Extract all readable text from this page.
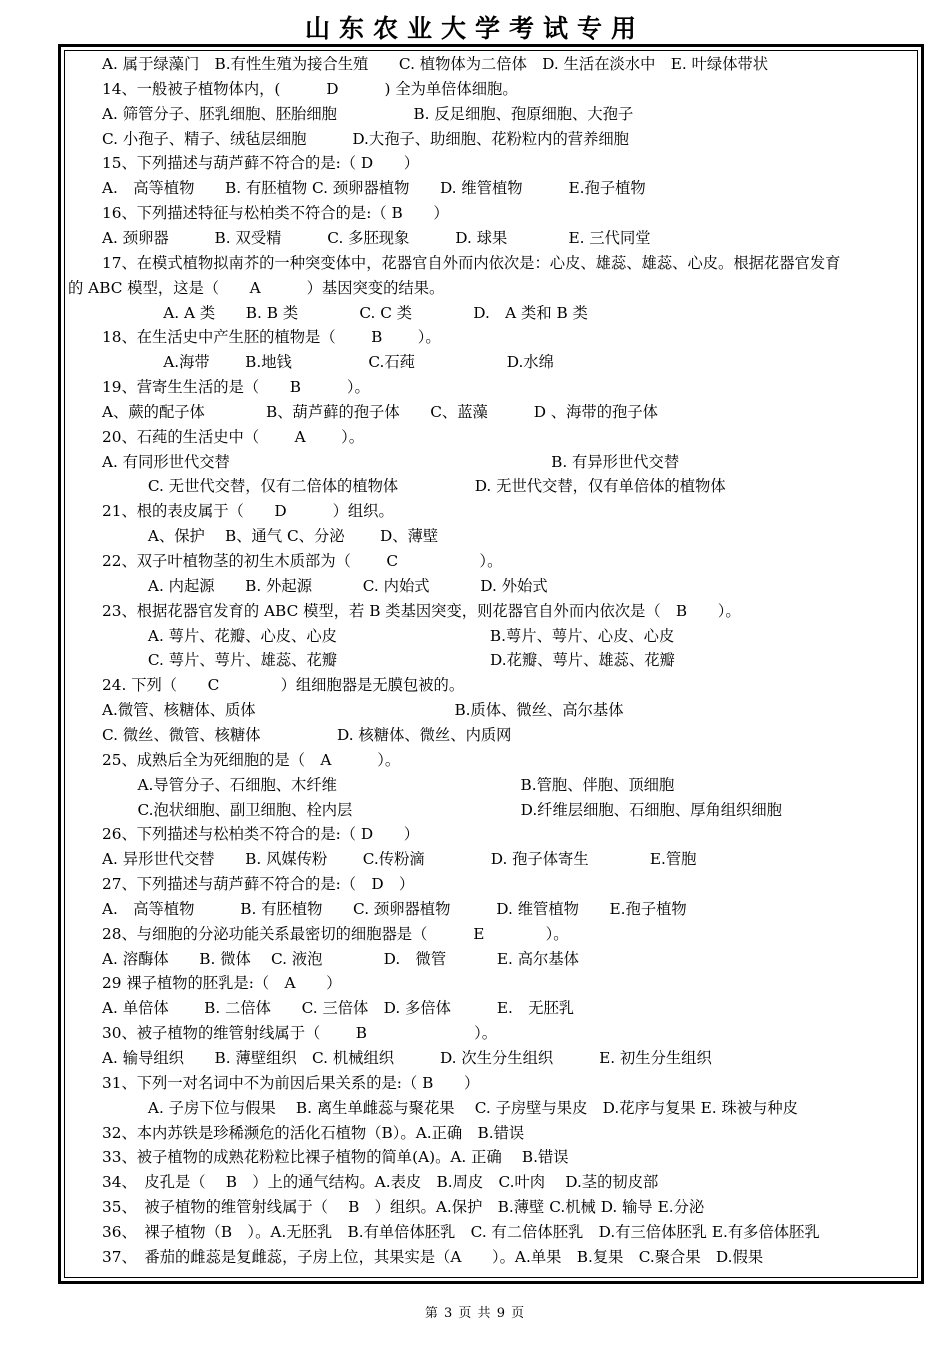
山东农业大学考试专用
A. 属于绿藻门　B.有性生殖为接合生殖　　C. 植物体为二倍体　D. 生活在淡水中　E. 叶绿体带状
14、一般被子植物体内，(　　　D　　　) 全为单倍体细胞。
A. 筛管分子、胚乳细胞、胚胎细胞　　　　　B. 反足细胞、孢原细胞、大孢子
C. 小孢子、精子、绒毡层细胞　　　D.大孢子、助细胞、花粉粒内的营养细胞
15、下列描述与葫芦藓不符合的是:（ D　　）
A.　高等植物　　B. 有胚植物 C. 颈卵器植物　　D. 维管植物　　　E.孢子植物
16、下列描述特征与松柏类不符合的是:（ B　　）
A. 颈卵器　　　B. 双受精　　　C. 多胚现象　　　D. 球果　　　　E. 三代同堂
17、在模式植物拟南芥的一种突变体中，花器官自外而内依次是：心皮、雄蕊、雄蕊、心皮。根据花器官发育
的 ABC 模型，这是（　　A　　　）基因突变的结果。
　　　　A. A 类　　B. B 类　　　　C. C 类　　　　D.　A 类和 B 类
18、在生活史中产生胚的植物是（　　 B　　 ）。
　　　　A.海带　　 B.地钱　　　　　C.石莼　　　　　　D.水绵
19、营寄生生活的是（　　B　　　）。
A、蕨的配子体　　　　B、葫芦藓的孢子体　　C、蓝藻　　　D 、海带的孢子体
20、石莼的生活史中（　　 A　　 ）。
A. 有同形世代交替　　　　　　　　　　　　　　　　　　　　　B. 有异形世代交替
　　　C. 无世代交替，仅有二倍体的植物体　　　　　D. 无世代交替，仅有单倍体的植物体
21、根的表皮属于（　　D　　　）组织。
　　　A、保护　 B、通气 C、分泌　　 D、薄壁
22、双子叶植物茎的初生木质部为（　　 C　　　　　 ）。
　　　A. 内起源　　B. 外起源　　　 C. 内始式　　　 D. 外始式
23、根据花器官发育的 ABC 模型，若 B 类基因突变，则花器官自外而内依次是（　B　　）。
　　　A. 萼片、花瓣、心皮、心皮　　　　　　　　　　B.萼片、萼片、心皮、心皮
　　　C. 萼片、萼片、雄蕊、花瓣　　　　　　　　　　D.花瓣、萼片、雄蕊、花瓣
24. 下列（　　C　　　　）组细胞器是无膜包被的。
A.微管、核糖体、质体　　　　　　　　　　　　　B.质体、微丝、高尔基体
C. 微丝、微管、核糖体　　　　　D. 核糖体、微丝、内质网
25、成熟后全为死细胞的是（　A　　　）。
　　 A.导管分子、石细胞、木纤维　　　　　　　　　　　　B.管胞、伴胞、顶细胞
　　 C.泡状细胞、副卫细胞、栓内层　　　　　　　　　　　D.纤维层细胞、石细胞、厚角组织细胞
26、下列描述与松柏类不符合的是:（ D　　）
A. 异形世代交替　　B. 风媒传粉　　 C.传粉滴　　　　 D. 孢子体寄生　　　　E.管胞
27、下列描述与葫芦藓不符合的是:（　D　）
A.　高等植物　　　B. 有胚植物　　C. 颈卵器植物　　　D. 维管植物　　E.孢子植物
28、与细胞的分泌功能关系最密切的细胞器是（　　　E　　　　）。
A. 溶酶体　　B. 微体　 C. 液泡　　　　D.　微管　　　 E. 高尔基体
29 裸子植物的胚乳是:（　A　　）
A. 单倍体　　 B. 二倍体　　C. 三倍体　D. 多倍体　　　E.　无胚乳
30、被子植物的维管射线属于（　　 B　　　　　　　）。
A. 输导组织　　B. 薄壁组织　C. 机械组织　　　D. 次生分生组织　　　E. 初生分生组织
31、下列一对名词中不为前因后果关系的是:（ B　　）
　　　A. 子房下位与假果　 B. 离生单雌蕊与聚花果　 C. 子房壁与果皮　D.花序与复果 E. 珠被与种皮
32、本内苏铁是珍稀濒危的活化石植物（B）。A.正确　B.错误
33、被子植物的成熟花粉粒比裸子植物的简单(A)。A. 正确　 B.错误
34、　皮孔是（　 B　）上的通气结构。A.表皮　B.周皮　C.叶肉　 D.茎的韧皮部
35、　被子植物的维管射线属于（　 B　）组织。A.保护　B.薄壁 C.机械 D. 输导 E.分泌
36、　裸子植物（B　）。A.无胚乳　B.有单倍体胚乳　C. 有二倍体胚乳　D.有三倍体胚乳 E.有多倍体胚乳
37、　番茄的雌蕊是复雌蕊，子房上位，其果实是（A　　）。A.单果　B.复果　C.聚合果　D.假果
第 3 页 共 9 页
